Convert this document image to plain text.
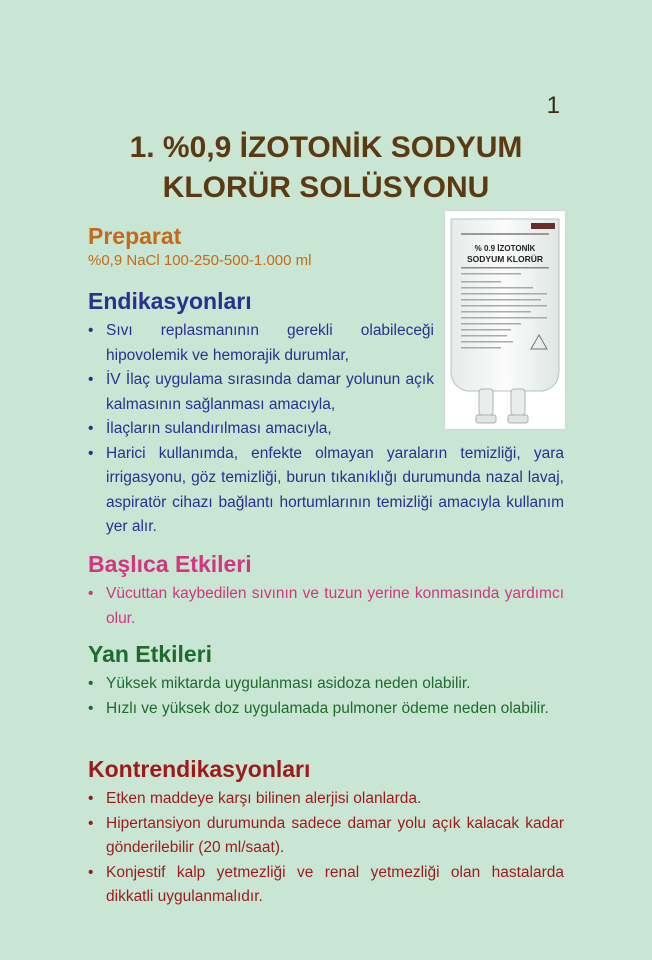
1
1. %0,9 İZOTONİK SODYUM
KLORÜR SOLÜSYONU
% 0.9 İZOTONİK
SODYUM KLORÜR
Preparat
%0,9 NaCl 100-250-500-1.000 ml
Endikasyonları
• Sıvı replasmanının gerekli olabileceği hipovolemik ve hemorajik durumlar,
• İV İlaç uygulama sırasında damar yolunun açık kalmasının sağlanması amacıyla,
• İlaçların sulandırılması amacıyla,
• Harici kullanımda, enfekte olmayan yaraların temizliği, yara irrigasyonu, göz temizliği, burun tıkanıklığı durumunda nazal lavaj, aspiratör cihazı bağlantı hortumlarının temizliği amacıyla kullanım yer alır.
Başlıca Etkileri
• Vücuttan kaybedilen sıvının ve tuzun yerine konmasında yardımcı olur.
Yan Etkileri
• Yüksek miktarda uygulanması asidoza neden olabilir.
• Hızlı ve yüksek doz uygulamada pulmoner ödeme neden olabilir.
Kontrendikasyonları
• Etken maddeye karşı bilinen alerjisi olanlarda.
• Hipertansiyon durumunda sadece damar yolu açık kalacak kadar gönderilebilir (20 ml/saat).
• Konjestif kalp yetmezliği ve renal yetmezliği olan hastalarda dikkatli uygulanmalıdır.
